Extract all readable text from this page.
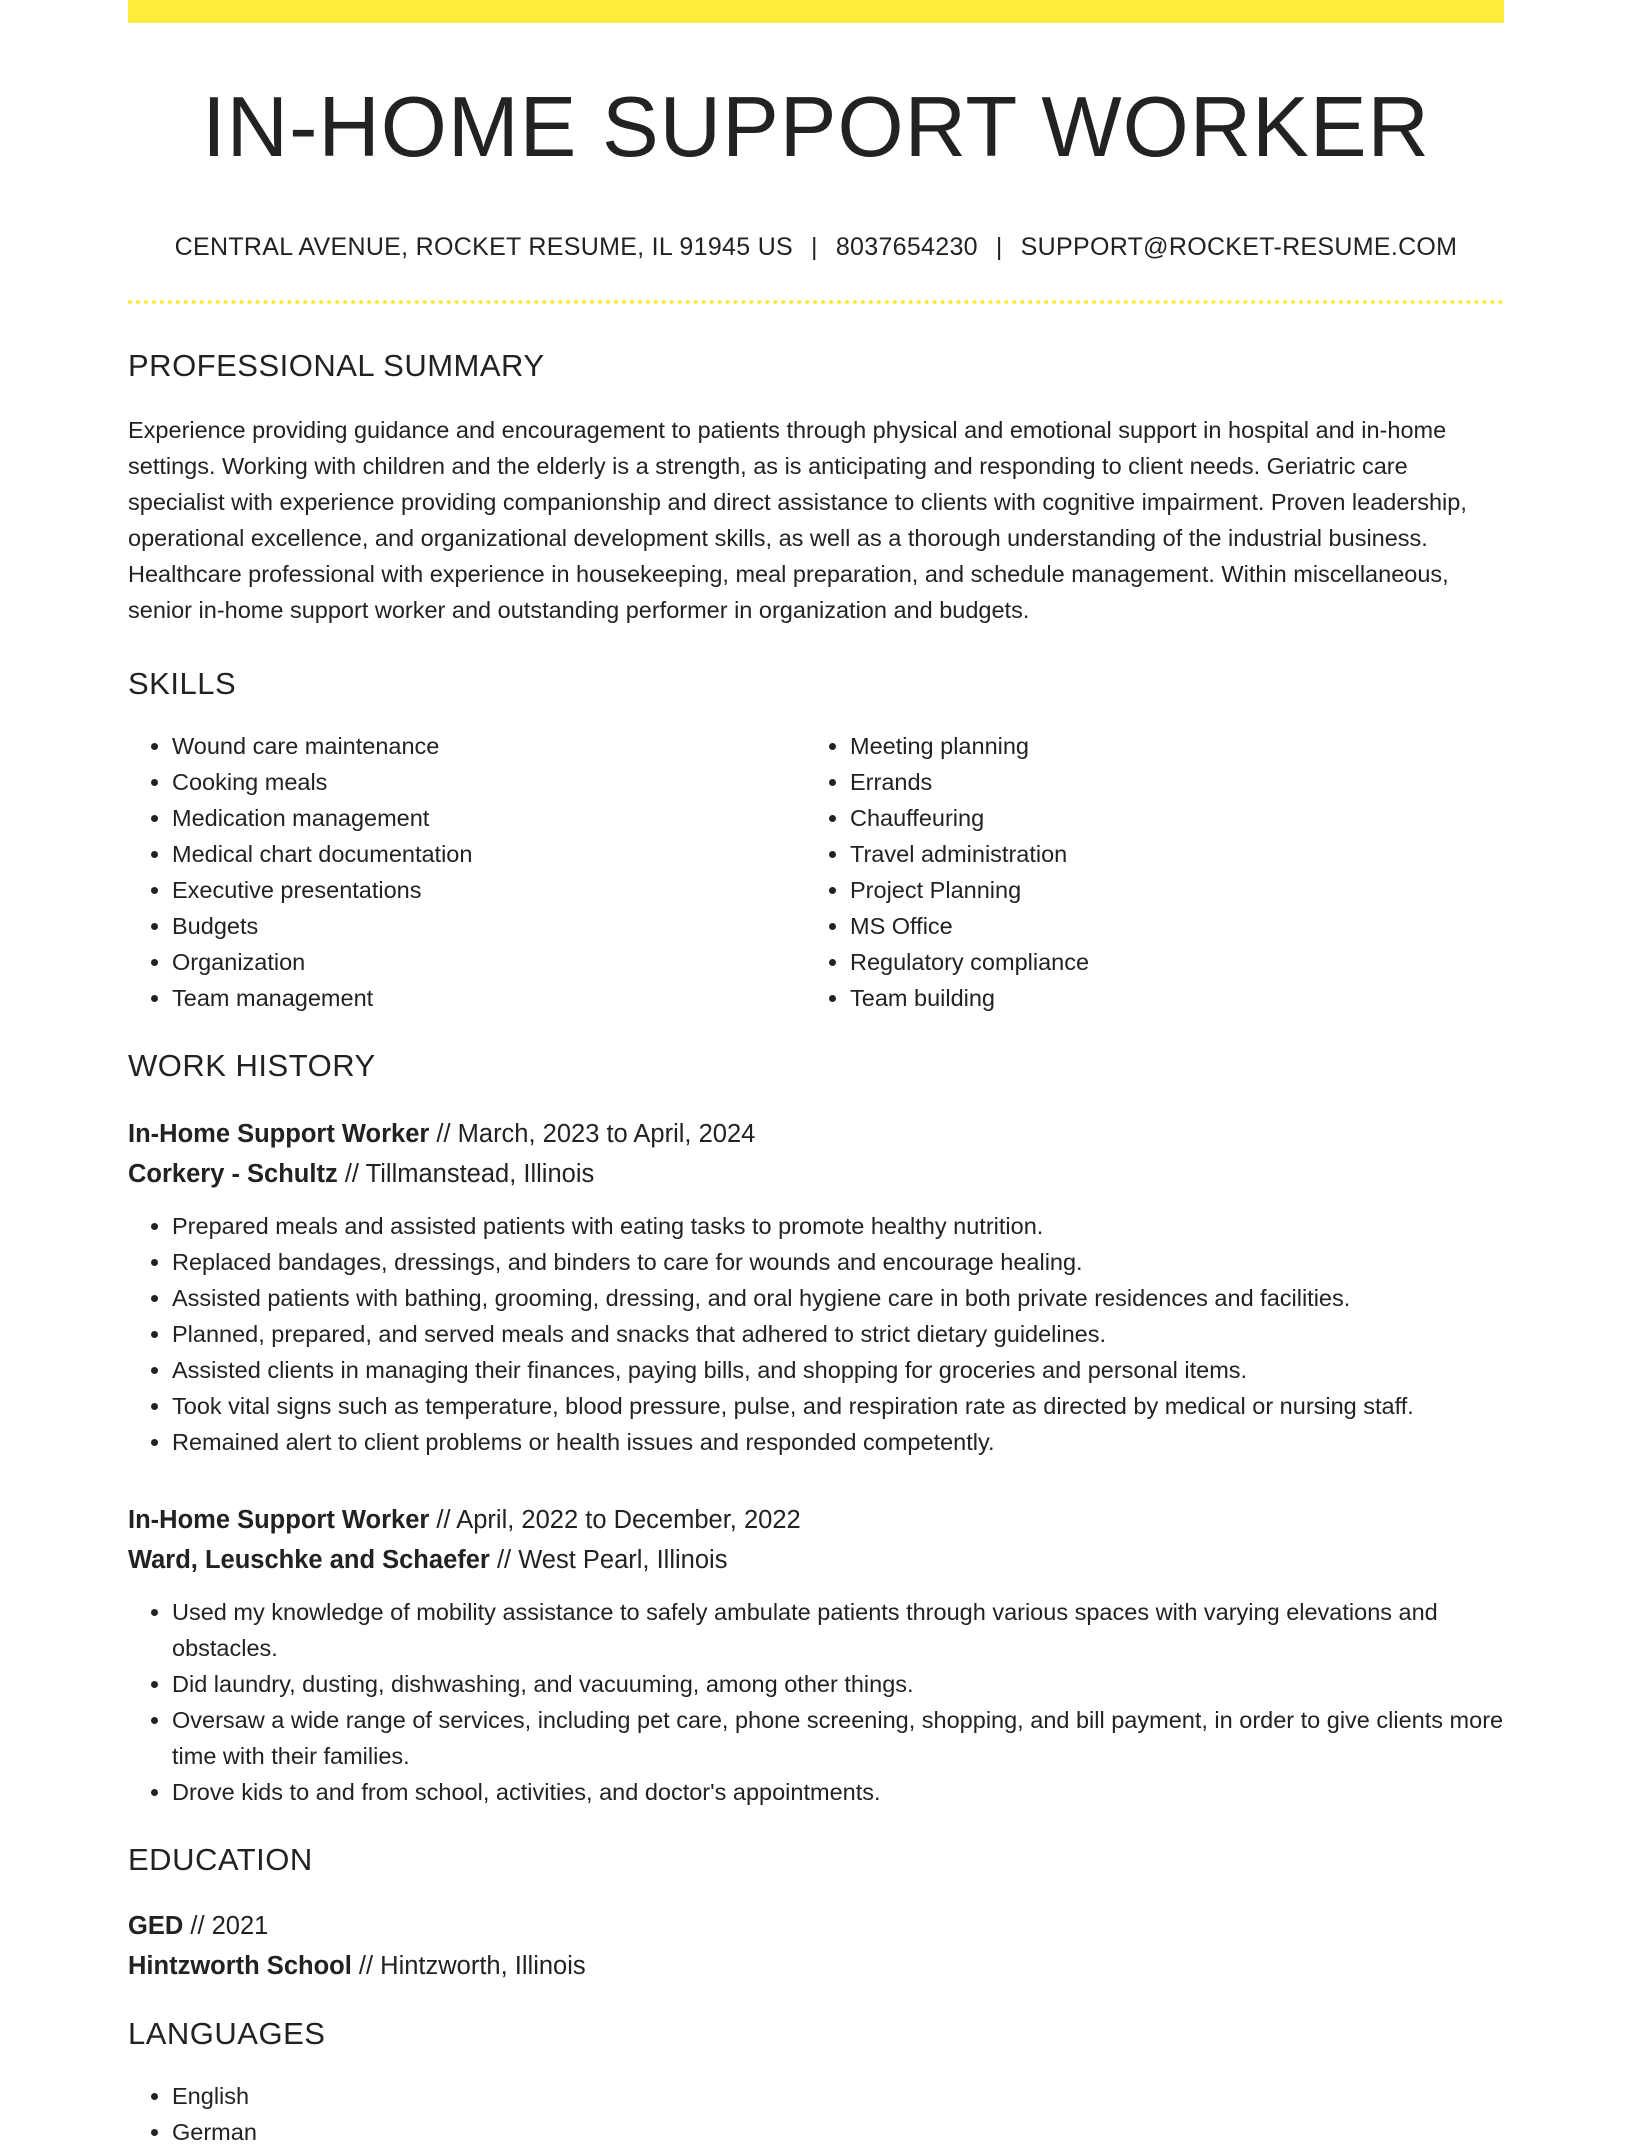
IN-HOME SUPPORT WORKER
CENTRAL AVENUE, ROCKET RESUME, IL 91945 US | 8037654230 | SUPPORT@ROCKET-RESUME.COM
PROFESSIONAL SUMMARY

Experience providing guidance and encouragement to patients through physical and emotional support in hospital and in-home settings. Working with children and the elderly is a strength, as is anticipating and responding to client needs. Geriatric care specialist with experience providing companionship and direct assistance to clients with cognitive impairment. Proven leadership, operational excellence, and organizational development skills, as well as a thorough understanding of the industrial business. Healthcare professional with experience in housekeeping, meal preparation, and schedule management. Within miscellaneous, senior in-home support worker and outstanding performer in organization and budgets.

SKILLS
• Wound care maintenance
• Cooking meals
• Medication management
• Medical chart documentation
• Executive presentations
• Budgets
• Organization
• Team management
• Meeting planning
• Errands
• Chauffeuring
• Travel administration
• Project Planning
• MS Office
• Regulatory compliance
• Team building
WORK HISTORY
In-Home Support Worker // March, 2023 to April, 2024
Corkery - Schultz // Tillmanstead, Illinois
• Prepared meals and assisted patients with eating tasks to promote healthy nutrition.
• Replaced bandages, dressings, and binders to care for wounds and encourage healing.
• Assisted patients with bathing, grooming, dressing, and oral hygiene care in both private residences and facilities.
• Planned, prepared, and served meals and snacks that adhered to strict dietary guidelines.
• Assisted clients in managing their finances, paying bills, and shopping for groceries and personal items.
• Took vital signs such as temperature, blood pressure, pulse, and respiration rate as directed by medical or nursing staff.
• Remained alert to client problems or health issues and responded competently.
In-Home Support Worker // April, 2022 to December, 2022
Ward, Leuschke and Schaefer // West Pearl, Illinois
• Used my knowledge of mobility assistance to safely ambulate patients through various spaces with varying elevations and obstacles.
• Did laundry, dusting, dishwashing, and vacuuming, among other things.
• Oversaw a wide range of services, including pet care, phone screening, shopping, and bill payment, in order to give clients more time with their families.
• Drove kids to and from school, activities, and doctor's appointments.
EDUCATION
GED // 2021
Hintzworth School // Hintzworth, Illinois
LANGUAGES
• English
• German
